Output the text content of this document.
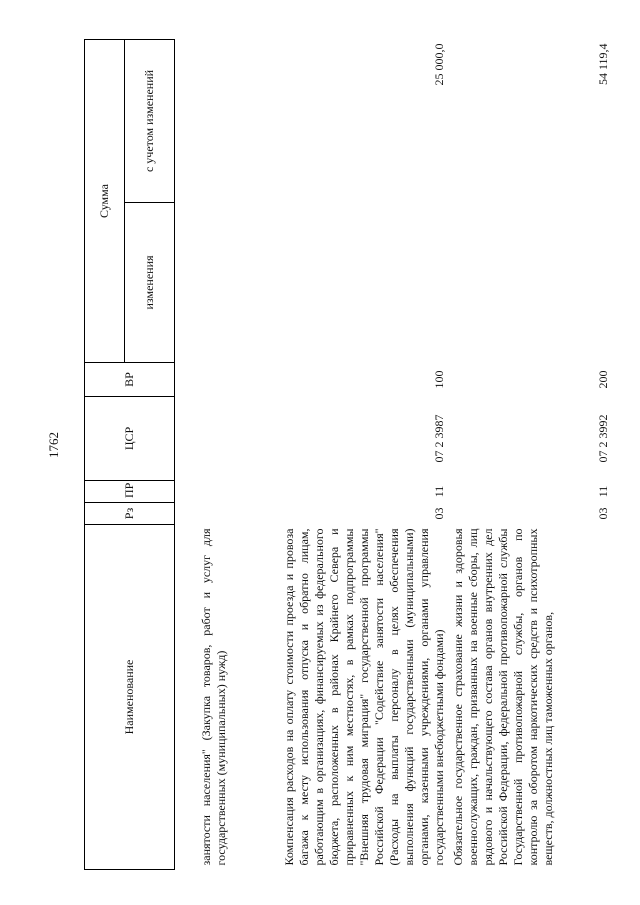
1762
Наименование	Рз	ПР	ЦСР	ВР	Сумма	
					изменения	с учетом изменений
занятости населения" (Закупка товаров, работ и услуг для государственных (муниципальных) нужд)						
Компенсация расходов на оплату стоимости проезда и провоза багажа к месту использования отпуска и обратно лицам, работающим в организациях, финансируемых из федерального бюджета, расположенных в районах Крайнего Севера и приравненных к ним местностях, в рамках подпрограммы "Внешняя трудовая миграция" государственной программы Российской Федерации "Содействие занятости населения" (Расходы на выплаты персоналу в целях обеспечения выполнения функций государственными (муниципальными) органами, казенными учреждениями, органами управления государственными внебюджетными фондами)	03	11	07 2 3987	100		25 000,0
Обязательное государственное страхование жизни и здоровья военнослужащих, граждан, призванных на военные сборы, лиц рядового и начальствующего состава органов внутренних дел Российской Федерации, федеральной противопожарной службы Государственной противопожарной службы, органов по контролю за оборотом наркотических средств и психотропных веществ, должностных лиц таможенных органов,	03	11	07 2 3992	200		54 119,4
